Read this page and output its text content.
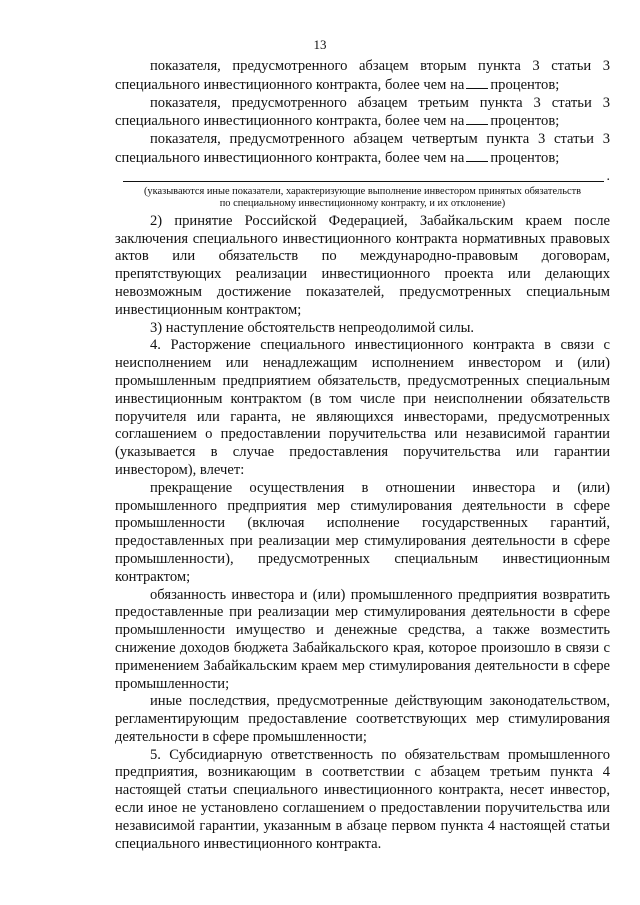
13

показателя, предусмотренного абзацем вторым пункта 3 статьи 3 специального инвестиционного контракта, более чем на процентов;

показателя, предусмотренного абзацем третьим пункта 3 статьи 3 специального инвестиционного контракта, более чем на процентов;

показателя, предусмотренного абзацем четвертым пункта 3 статьи 3 специального инвестиционного контракта, более чем на процентов;

.
(указываются иные показатели, характеризующие выполнение инвестором принятых обязательств
по специальному инвестиционному контракту, и их отклонение)

2) принятие Российской Федерацией, Забайкальским краем после заключения специального инвестиционного контракта нормативных правовых актов или обязательств по международно-правовым договорам, препятствующих реализации инвестиционного проекта или делающих невозможным достижение показателей, предусмотренных специальным инвестиционным контрактом;

3) наступление обстоятельств непреодолимой силы.

4. Расторжение специального инвестиционного контракта в связи с неисполнением или ненадлежащим исполнением инвестором и (или) промышленным предприятием обязательств, предусмотренных специальным инвестиционным контрактом (в том числе при неисполнении обязательств поручителя или гаранта, не являющихся инвесторами, предусмотренных соглашением о предоставлении поручительства или независимой гарантии (указывается в случае предоставления поручительства или гарантии инвестором), влечет:

прекращение осуществления в отношении инвестора и (или) промышленного предприятия мер стимулирования деятельности в сфере промышленности (включая исполнение государственных гарантий, предоставленных при реализации мер стимулирования деятельности в сфере промышленности), предусмотренных специальным инвестиционным контрактом;

обязанность инвестора и (или) промышленного предприятия возвратить предоставленные при реализации мер стимулирования деятельности в сфере промышленности имущество и денежные средства, а также возместить снижение доходов бюджета Забайкальского края, которое произошло в связи с применением Забайкальским краем мер стимулирования деятельности в сфере промышленности;

иные последствия, предусмотренные действующим законодательством, регламентирующим предоставление соответствующих мер стимулирования деятельности в сфере промышленности;

5. Субсидиарную ответственность по обязательствам промышленного предприятия, возникающим в соответствии с абзацем третьим пункта 4 настоящей статьи специального инвестиционного контракта, несет инвестор, если иное не установлено соглашением о предоставлении поручительства или независимой гарантии, указанным в абзаце первом пункта 4 настоящей статьи специального инвестиционного контракта.
